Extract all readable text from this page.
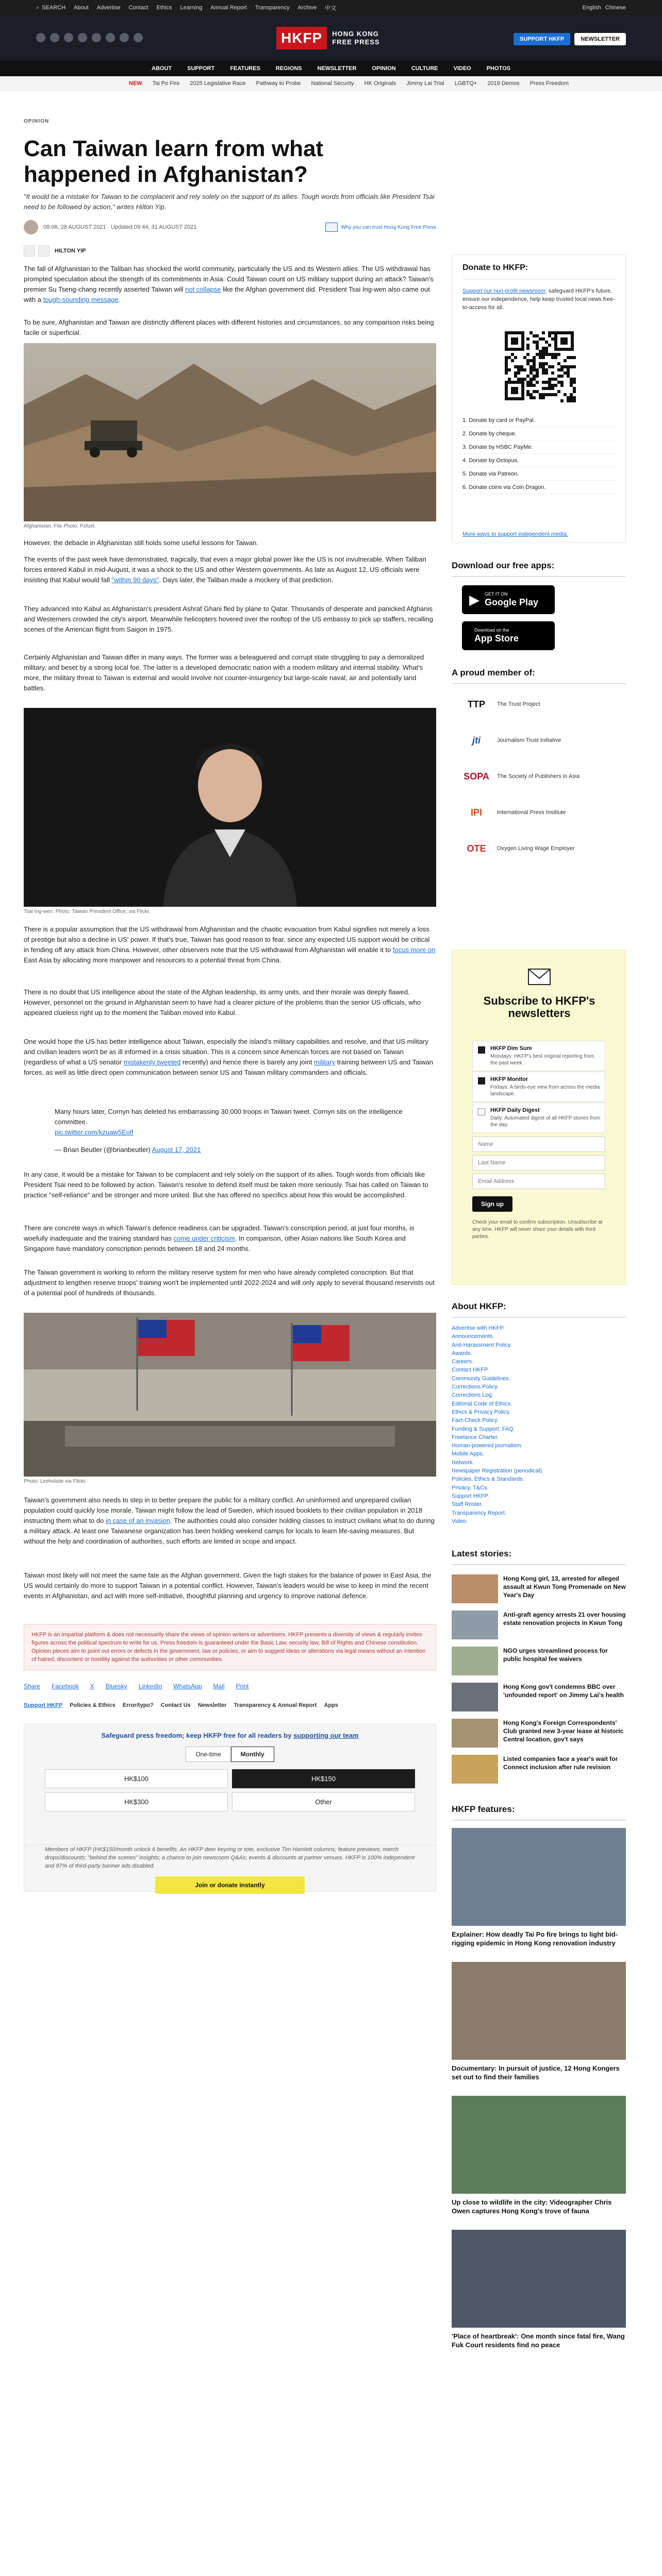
⌕ SEARCH About Advertise Contact Ethics Learning Annual Report Transparency Archive 中文	English Chinese
HKFP	HONG KONG
FREE PRESS	SUPPORT HKFP	NEWSLETTER
ABOUT	SUPPORT	FEATURES	REGIONS	NEWSLETTER	OPINION	CULTURE	VIDEO	PHOTOS
NEW Tai Po Fire 2025 Legislative Race Pathway to Probe National Security HK Originals Jimmy Lai Trial LGBTQ+ 2019 Demos Press Freedom
OPINION
Can Taiwan learn from what happened in Afghanistan?

"It would be a mistake for Taiwan to be complacent and rely solely on the support of its allies. Tough words from officials like President Tsai need to be followed by action," writes Hilton Yip.

09:06, 28 AUGUST 2021 · Updated 09:44, 31 AUGUST 2021	Why you can trust Hong Kong Free Press
HILTON YIP

The fall of Afghanistan to the Taliban has shocked the world community, particularly the US and its Western allies. The US withdrawal has prompted speculation about the strength of its commitments in Asia: Could Taiwan count on US military support during an attack? Taiwan's premier Su Tseng-chang recently asserted Taiwan will not collapse like the Afghan government did. President Tsai Ing-wen also came out with a tough-sounding message.

To be sure, Afghanistan and Taiwan are distinctly different places with different histories and circumstances, so any comparison risks being facile or superficial.

Afghanistan. File Photo: Pxfuel.

However, the debacle in Afghanistan still holds some useful lessons for Taiwan.

The events of the past week have demonstrated, tragically, that even a major global power like the US is not invulnerable. When Taliban forces entered Kabul in mid-August, it was a shock to the US and other Western governments. As late as August 12, US officials were insisting that Kabul would fall "within 90 days". Days later, the Taliban made a mockery of that prediction.

They advanced into Kabul as Afghanistan's president Ashraf Ghani fled by plane to Qatar. Thousands of desperate and panicked Afghanis and Westerners crowded the city's airport. Meanwhile helicopters hovered over the rooftop of the US embassy to pick up staffers, recalling scenes of the American flight from Saigon in 1975.

Certainly Afghanistan and Taiwan differ in many ways. The former was a beleaguered and corrupt state struggling to pay a demoralized military, and beset by a strong local foe. The latter is a developed democratic nation with a modern military and internal stability. What's more, the military threat to Taiwan is external and would involve not counter-insurgency but large-scale naval, air and potentially land battles.

Tsai Ing-wen. Photo: Taiwan President Office, via Flickr.

There is a popular assumption that the US withdrawal from Afghanistan and the chaotic evacuation from Kabul signifies not merely a loss of prestige but also a decline in US' power. If that's true, Taiwan has good reason to fear, since any expected US support would be critical in fending off any attack from China. However, other observers note that the US withdrawal from Afghanistan will enable it to focus more on East Asia by allocating more manpower and resources to a potential threat from China.

There is no doubt that US intelligence about the state of the Afghan leadership, its army units, and their morale was deeply flawed. However, personnel on the ground in Afghanistan seem to have had a clearer picture of the problems than the senior US officials, who appeared clueless right up to the moment the Taliban moved into Kabul.

One would hope the US has better intelligence about Taiwan, especially the island's military capabilities and resolve, and that US military and civilian leaders won't be as ill informed in a crisis situation. This is a concern since American forces are not based on Taiwan (regardless of what a US senator mistakenly tweeted recently) and hence there is barely any joint military training between US and Taiwan forces, as well as little direct open communication between senior US and Taiwan military commanders and officials.

Many hours later, Cornyn has deleted his embarrassing 30,000 troops in Taiwan tweet. Cornyn sits on the intelligence committee.
pic.twitter.com/kzuaw5Eolf
— Brian Beutler (@brianbeutler) August 17, 2021

In any case, it would be a mistake for Taiwan to be complacent and rely solely on the support of its allies. Tough words from officials like President Tsai need to be followed by action. Taiwan's resolve to defend itself must be taken more seriously. Tsai has called on Taiwan to practice "self-reliance" and be stronger and more united. But she has offered no specifics about how this would be accomplished.

There are concrete ways in which Taiwan's defence readiness can be upgraded. Taiwan's conscription period, at just four months, is woefully inadequate and the training standard has come under criticism. In comparison, other Asian nations like South Korea and Singapore have mandatory conscription periods between 18 and 24 months.

The Taiwan government is working to reform the military reserve system for men who have already completed conscription. But that adjustment to lengthen reserve troops' training won't be implemented until 2022-2024 and will only apply to several thousand reservists out of a potential pool of hundreds of thousands.

Photo: Leeholsite via Flickr.

Taiwan's government also needs to step in to better prepare the public for a military conflict. An uninformed and unprepared civilian population could quickly lose morale. Taiwan might follow the lead of Sweden, which issued booklets to their civilian population in 2018 instructing them what to do in case of an invasion. The authorities could also consider holding classes to instruct civilians what to do during a military attack. At least one Taiwanese organization has been holding weekend camps for locals to learn life-saving measures. But without the help and coordination of authorities, such efforts are limited in scope and impact.

Taiwan most likely will not meet the same fate as the Afghan government. Given the high stakes for the balance of power in East Asia, the US would certainly do more to support Taiwan in a potential conflict. However, Taiwan's leaders would be wise to keep in mind the recent events in Afghanistan, and act with more self-initiative, thoughtful planning and urgency to improve national defence.

HKFP is an impartial platform & does not necessarily share the views of opinion writers or advertisers. HKFP presents a diversity of views & regularly invites figures across the political spectrum to write for us. Press freedom is guaranteed under the Basic Law, security law, Bill of Rights and Chinese constitution. Opinion pieces aim to point out errors or defects in the government, law or policies, or aim to suggest ideas or alterations via legal means without an intention of hatred, discontent or hostility against the authorities or other communities.
Share Facebook X Bluesky LinkedIn WhatsApp Mail Print
Support HKFP Policies & Ethics Error/typo? Contact Us Newsletter Transparency & Annual Report Apps
Safeguard press freedom; keep HKFP free for all readers by supporting our team
One-time	Monthly
HK$100	HK$150
HK$300	Other
Members of HKFP (HK$150/month unlock 6 benefits: An HKFP deer keyring or tote, exclusive Tim Hamlett columns; feature previews; merch drops/discounts; "behind the scenes" insights; a chance to join newsroom Q&As; events & discounts at partner venues. HKFP is 100% independent and 97% of third-party banner ads disabled.
Join or donate instantly
Donate to HKFP:
Support our non-profit newsroom: safeguard HKFP's future, ensure our independence, help keep trusted local news free-to-access for all.
1. Donate by card or PayPal.
2. Donate by cheque.
3. Donate by HSBC PayMe.
4. Donate by Octopus.
5. Donate via Patreon.
6. Donate coins via Coin Dragon.
More ways to support independent media.
Download our free apps:
▶ GET IT ON
Google Play
Download on the
App Store
A proud member of:
TTP	The Trust Project
jti	Journalism Trust Initiative
SOPA	The Society of Publishers in Asia
IPI	International Press Institute
OTE	Oxygen Living Wage Employer
Subscribe to HKFP's newsletters
HKFP Dim Sum
Mondays: HKFP's best original reporting from the past week.
HKFP Monitor
Fridays: A birds-eye view from across the media landscape.
HKFP Daily Digest
Daily: Automated digest of all HKFP stories from the day.
Name
Last Name
Email Address
Sign up
Check your email to confirm subscription. Unsubscribe at any time. HKFP will never share your details with third parties.
About HKFP:
Advertise with HKFP.
Announcements.
Anti-Harassment Policy.
Awards.
Careers.
Contact HKFP.
Community Guidelines.
Corrections Policy.
Corrections Log.
Editorial Code of Ethics.
Ethics & Privacy Policy.
Fact-Check Policy.
Funding & Support: FAQ.
Freelance Charter.
Human-powered journalism.
Mobile Apps.
Network.
Newspaper Registration (periodical).
Policies, Ethics & Standards.
Privacy, T&Cs.
Support HKFP.
Staff Roster.
Transparency Report.
Video.
Latest stories:
Hong Kong girl, 13, arrested for alleged assault at Kwun Tong Promenade on New Year's Day
Anti-graft agency arrests 21 over housing estate renovation projects in Kwun Tong
NGO urges streamlined process for public hospital fee waivers
Hong Kong gov't condemns BBC over 'unfounded report' on Jimmy Lai's health
Hong Kong's Foreign Correspondents' Club granted new 3-year lease at historic Central location, gov't says
Listed companies face a year's wait for Connect inclusion after rule revision
HKFP features:
Explainer: How deadly Tai Po fire brings to light bid-rigging epidemic in Hong Kong renovation industry
Documentary: In pursuit of justice, 12 Hong Kongers set out to find their families
Up close to wildlife in the city: Videographer Chris Owen captures Hong Kong's trove of fauna
'Place of heartbreak': One month since fatal fire, Wang Fuk Court residents find no peace
